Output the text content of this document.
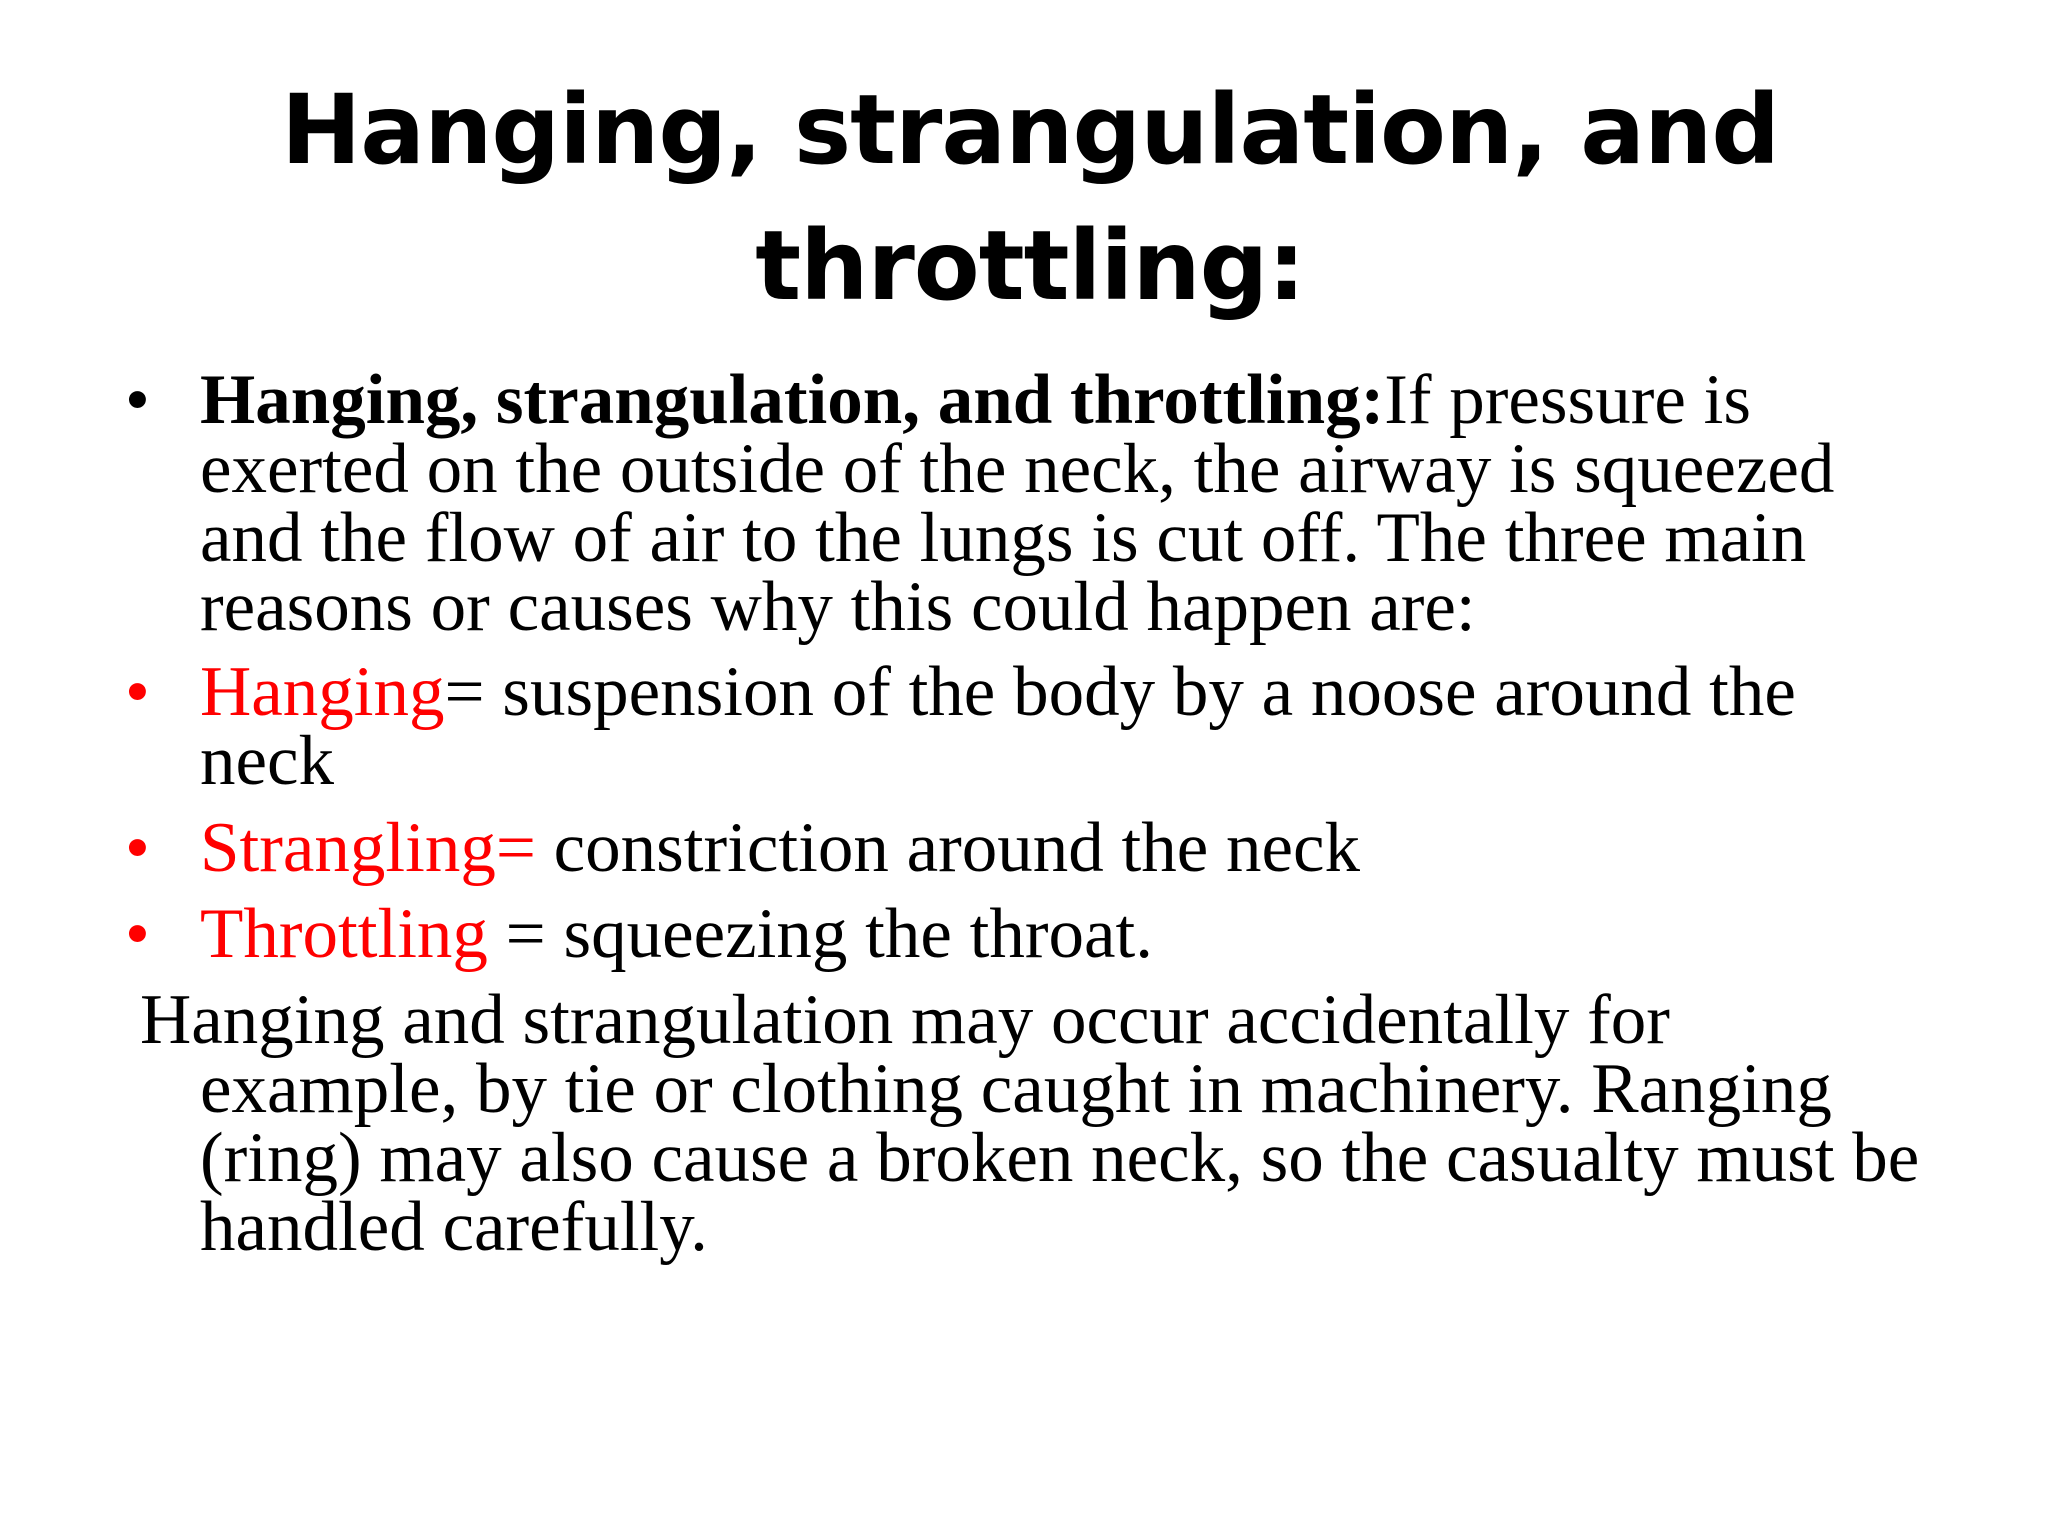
Hanging, strangulation, and
throttling:
• Hanging, strangulation, and throttling:If pressure is
exerted on the outside of the neck, the airway is squeezed
and the flow of air to the lungs is cut off. The three main
reasons or causes why this could happen are:
• Hanging= suspension of the body by a noose around the
neck
• Strangling= constriction around the neck
• Throttling = squeezing the throat.
Hanging and strangulation may occur accidentally for
example, by tie or clothing caught in machinery. Ranging
(ring) may also cause a broken neck, so the casualty must be
handled carefully.
